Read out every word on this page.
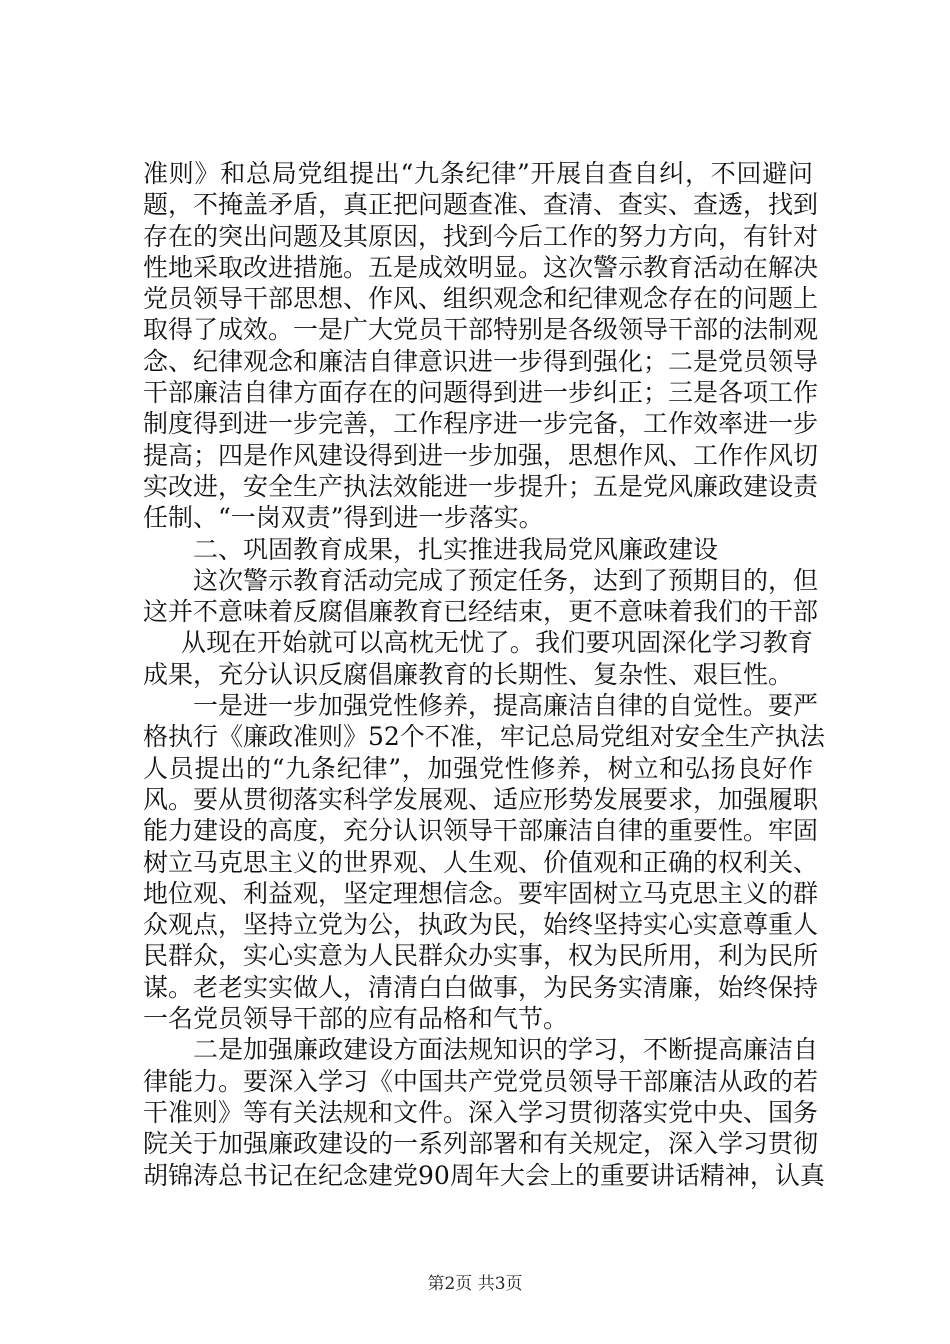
准则》和总局党组提出“九条纪律”开展自查自纠，不回避问
题，不掩盖矛盾，真正把问题查准、查清、查实、查透，找到
存在的突出问题及其原因，找到今后工作的努力方向，有针对
性地采取改进措施。五是成效明显。这次警示教育活动在解决
党员领导干部思想、作风、组织观念和纪律观念存在的问题上
取得了成效。一是广大党员干部特别是各级领导干部的法制观
念、纪律观念和廉洁自律意识进一步得到强化；二是党员领导
干部廉洁自律方面存在的问题得到进一步纠正；三是各项工作
制度得到进一步完善，工作程序进一步完备，工作效率进一步
提高；四是作风建设得到进一步加强，思想作风、工作作风切
实改进，安全生产执法效能进一步提升；五是党风廉政建设责
任制、“一岗双责”得到进一步落实。
二、巩固教育成果，扎实推进我局党风廉政建设
这次警示教育活动完成了预定任务，达到了预期目的，但
这并不意味着反腐倡廉教育已经结束，更不意味着我们的干部
从现在开始就可以高枕无忧了。我们要巩固深化学习教育
成果，充分认识反腐倡廉教育的长期性、复杂性、艰巨性。
一是进一步加强党性修养，提高廉洁自律的自觉性。要严
格执行《廉政准则》52个不准，牢记总局党组对安全生产执法
人员提出的“九条纪律”，加强党性修养，树立和弘扬良好作
风。要从贯彻落实科学发展观、适应形势发展要求，加强履职
能力建设的高度，充分认识领导干部廉洁自律的重要性。牢固
树立马克思主义的世界观、人生观、价值观和正确的权利关、
地位观、利益观，坚定理想信念。要牢固树立马克思主义的群
众观点，坚持立党为公，执政为民，始终坚持实心实意尊重人
民群众，实心实意为人民群众办实事，权为民所用，利为民所
谋。老老实实做人，清清白白做事，为民务实清廉，始终保持
一名党员领导干部的应有品格和气节。
二是加强廉政建设方面法规知识的学习，不断提高廉洁自
律能力。要深入学习《中国共产党党员领导干部廉洁从政的若
干准则》等有关法规和文件。深入学习贯彻落实党中央、国务
院关于加强廉政建设的一系列部署和有关规定，深入学习贯彻
胡锦涛总书记在纪念建党90周年大会上的重要讲话精神，认真
第2页 共3页
